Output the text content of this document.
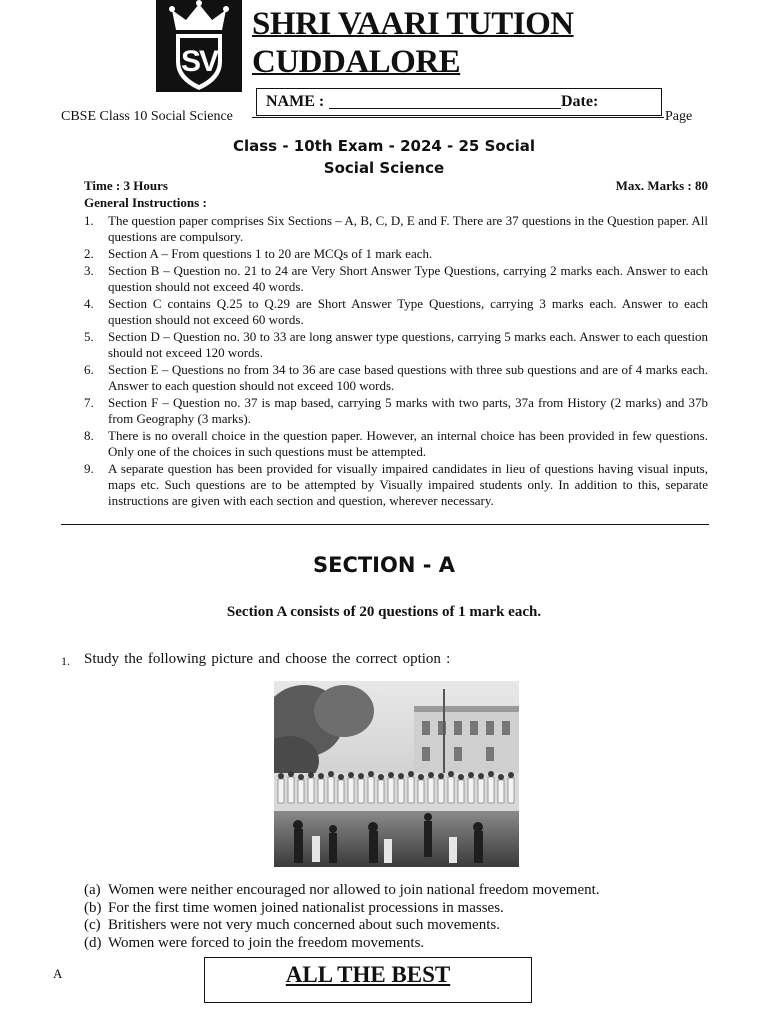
SV
SHRI VAARI TUTION
CUDDALORE
NAME :	Date:
CBSE Class 10 Social Science	Page
Class - 10th Exam - 2024 - 25 Social
Social Science
Time : 3 Hours	Max. Marks : 80
General Instructions :
1. The question paper comprises Six Sections – A, B, C, D, E and F. There are 37 questions in the Question paper. All questions are compulsory.
2. Section A – From questions 1 to 20 are MCQs of 1 mark each.
3. Section B – Question no. 21 to 24 are Very Short Answer Type Questions, carrying 2 marks each. Answer to each question should not exceed 40 words.
4. Section C contains Q.25 to Q.29 are Short Answer Type Questions, carrying 3 marks each. Answer to each question should not exceed 60 words.
5. Section D – Question no. 30 to 33 are long answer type questions, carrying 5 marks each. Answer to each question should not exceed 120 words.
6. Section E – Questions no from 34 to 36 are case based questions with three sub questions and are of 4 marks each. Answer to each question should not exceed 100 words.
7. Section F – Question no. 37 is map based, carrying 5 marks with two parts, 37a from History (2 marks) and 37b from Geography (3 marks).
8. There is no overall choice in the question paper. However, an internal choice has been provided in few questions. Only one of the choices in such questions must be attempted.
9. A separate question has been provided for visually impaired candidates in lieu of questions having visual inputs, maps etc. Such questions are to be attempted by Visually impaired students only. In addition to this, separate instructions are given with each section and question, wherever necessary.
SECTION - A
Section A consists of 20 questions of 1 mark each.
1. Study the following picture and choose the correct option :
(a) Women were neither encouraged nor allowed to join national freedom movement.
(b) For the first time women joined nationalist processions in masses.
(c) Britishers were not very much concerned about such movements.
(d) Women were forced to join the freedom movements.
A	ALL THE BEST
